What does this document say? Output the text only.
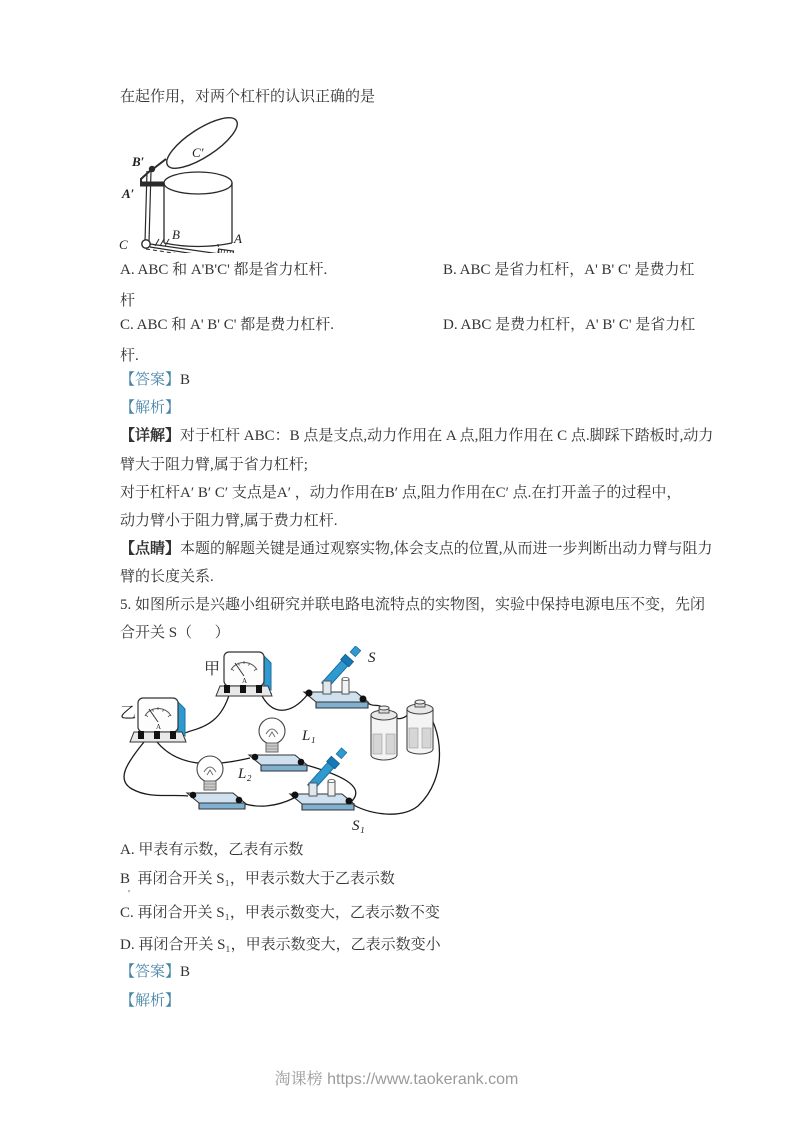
在起作用，对两个杠杆的认识正确的是
C′
B′
A′
C
B	A
A. ABC 和 A'B'C' 都是省力杠杆.	B. ABC 是省力杠杆，A' B' C' 是费力杠
杆
C. ABC 和 A' B' C' 都是费力杠杆.	D. ABC 是费力杠杆，A' B' C' 是省力杠
杆.
【答案】B
【解析】
【详解】对于杠杆 ABC：B 点是支点,动力作用在 A 点,阻力作用在 C 点.脚踩下踏板时,动力
臂大于阻力臂,属于省力杠杆;
对于杠杆A′ B′ C′ 支点是A′ ，动力作用在B′ 点,阻力作用在C′ 点.在打开盖子的过程中，
动力臂小于阻力臂,属于费力杠杆.
【点睛】本题的解题关键是通过观察实物,体会支点的位置,从而进一步判断出动力臂与阻力
臂的长度关系.
5. 如图所示是兴趣小组研究并联电路电流特点的实物图，实验中保持电源电压不变，先闭
合开关 S（      ）
A	甲
S
乙
L₁
L₂
S₁
A. 甲表有示数，乙表有示数
B  再闭合开关 S₁，甲表示数大于乙表示数
'
C. 再闭合开关 S₁，甲表示数变大，乙表示数不变
D. 再闭合开关 S₁，甲表示数变大，乙表示数变小
【答案】B
【解析】
淘课榜 https://www.taokerank.com
